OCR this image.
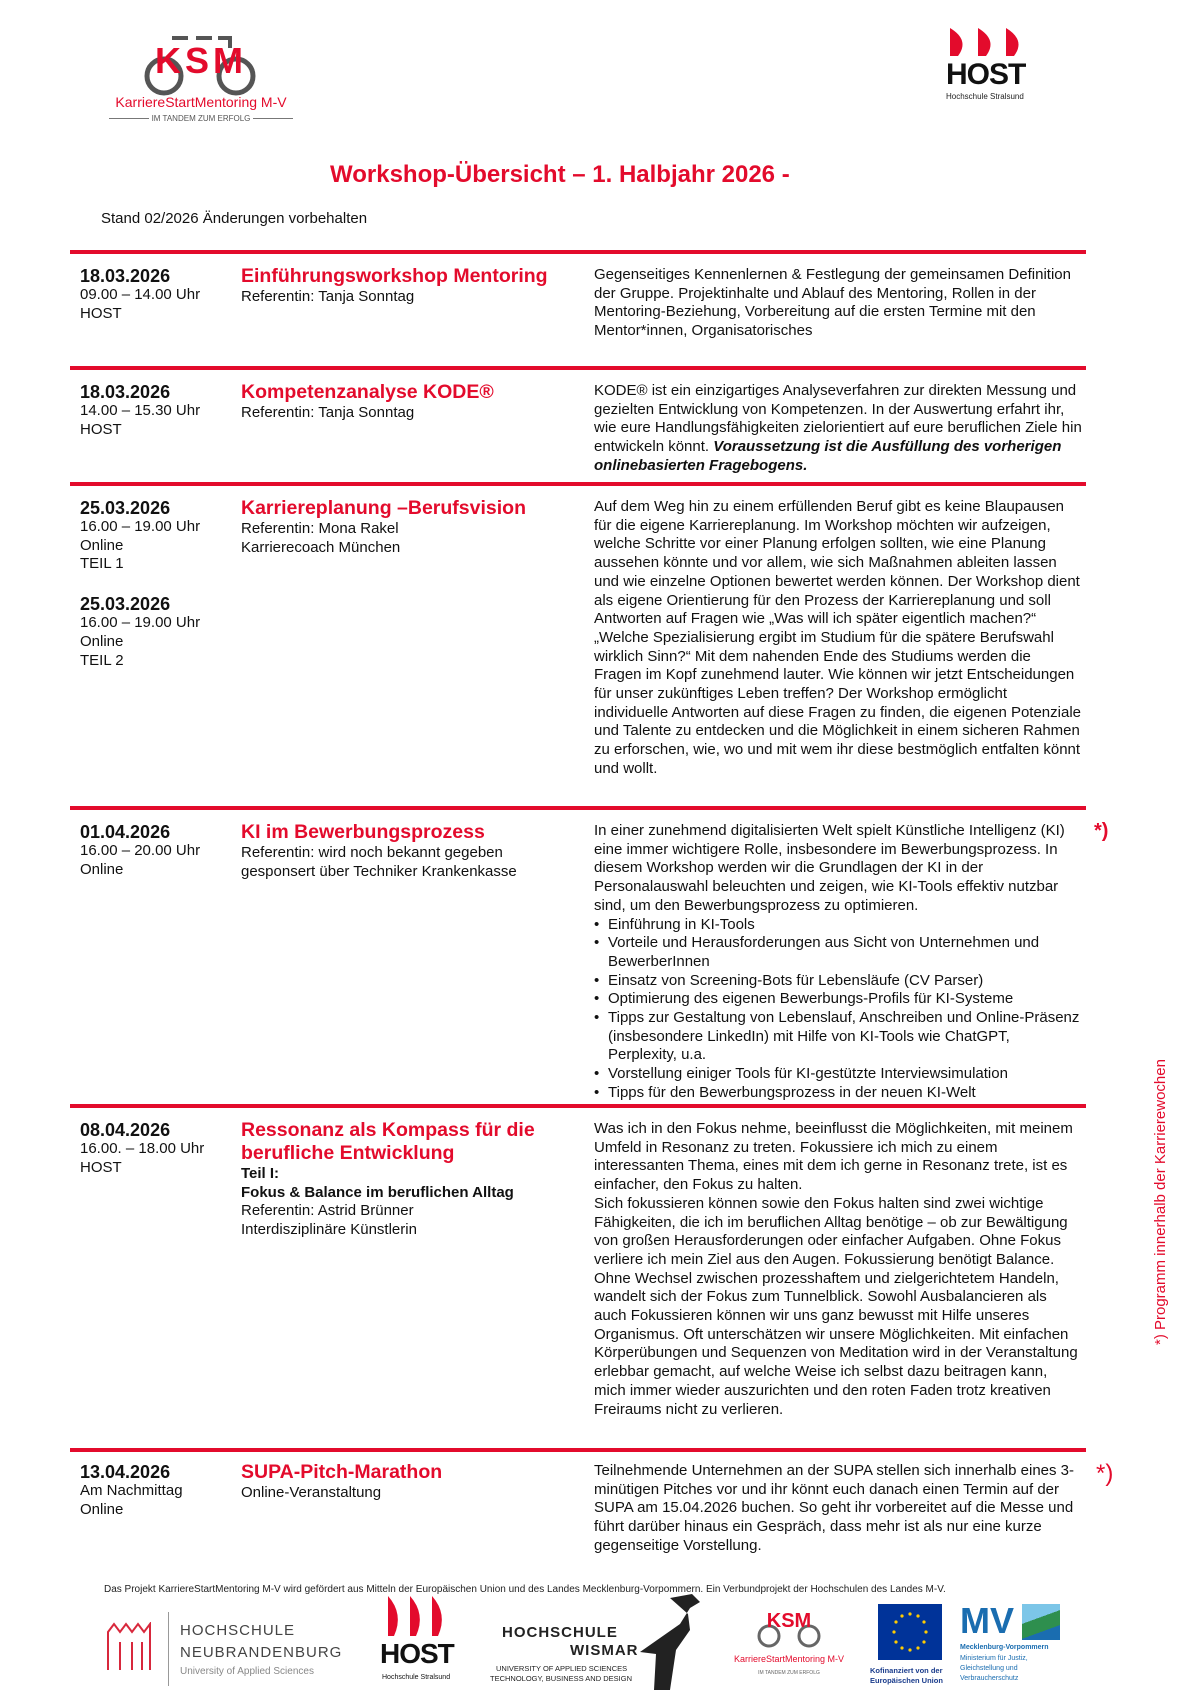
KSM
KarriereStartMentoring M-V
IM TANDEM ZUM ERFOLG
HOST
Hochschule Stralsund
Workshop-Übersicht – 1. Halbjahr 2026 -
Stand 02/2026 Änderungen vorbehalten
18.03.2026
09.00 – 14.00 Uhr
HOST
Einführungsworkshop Mentoring
Referentin: Tanja Sonntag

Gegenseitiges Kennenlernen & Festlegung der gemeinsamen Definition der Gruppe. Projektinhalte und Ablauf des Mentoring, Rollen in der Mentoring-Beziehung, Vorbereitung auf die ersten Termine mit den Mentor*innen, Organisatorisches

18.03.2026
14.00 – 15.30 Uhr
HOST
Kompetenzanalyse KODE®
Referentin: Tanja Sonntag

KODE® ist ein einzigartiges Analyseverfahren zur direkten Messung und gezielten Entwicklung von Kompetenzen. In der Auswertung erfahrt ihr, wie eure Handlungsfähigkeiten zielorientiert auf eure beruflichen Ziele hin entwickeln könnt. Voraussetzung ist die Ausfüllung des vorherigen onlinebasierten Fragebogens.

25.03.2026
16.00 – 19.00 Uhr
Online
TEIL 1
25.03.2026
16.00 – 19.00 Uhr
Online
TEIL 2
Karriereplanung –Berufsvision
Referentin: Mona Rakel
Karrierecoach München

Auf dem Weg hin zu einem erfüllenden Beruf gibt es keine Blaupausen für die eigene Karriereplanung. Im Workshop möchten wir aufzeigen, welche Schritte vor einer Planung erfolgen sollten, wie eine Planung aussehen könnte und vor allem, wie sich Maßnahmen ableiten lassen und wie einzelne Optionen bewertet werden können. Der Workshop dient als eigene Orientierung für den Prozess der Karriereplanung und soll Antworten auf Fragen wie „Was will ich später eigentlich machen?“ „Welche Spezialisierung ergibt im Studium für die spätere Berufswahl wirklich Sinn?“ Mit dem nahenden Ende des Studiums werden die Fragen im Kopf zunehmend lauter. Wie können wir jetzt Entscheidungen für unser zukünftiges Leben treffen? Der Workshop ermöglicht individuelle Antworten auf diese Fragen zu finden, die eigenen Potenziale und Talente zu entdecken und die Möglichkeit in einem sicheren Rahmen zu erforschen, wie, wo und mit wem ihr diese bestmöglich entfalten könnt und wollt.

01.04.2026
16.00 – 20.00 Uhr
Online
KI im Bewerbungsprozess
Referentin: wird noch bekannt gegeben
gesponsert über Techniker Krankenkasse

In einer zunehmend digitalisierten Welt spielt Künstliche Intelligenz (KI) eine immer wichtigere Rolle, insbesondere im Bewerbungsprozess. In diesem Workshop werden wir die Grundlagen der KI in der Personalauswahl beleuchten und zeigen, wie KI-Tools effektiv nutzbar sind, um den Bewerbungsprozess zu optimieren.

• Einführung in KI-Tools
• Vorteile und Herausforderungen aus Sicht von Unternehmen und BewerberInnen
• Einsatz von Screening-Bots für Lebensläufe (CV Parser)
• Optimierung des eigenen Bewerbungs-Profils für KI-Systeme
• Tipps zur Gestaltung von Lebenslauf, Anschreiben und Online-Präsenz (insbesondere LinkedIn) mit Hilfe von KI-Tools wie ChatGPT, Perplexity, u.a.
• Vorstellung einiger Tools für KI-gestützte Interviewsimulation
• Tipps für den Bewerbungsprozess in der neuen KI-Welt
*)
08.04.2026
16.00. – 18.00 Uhr
HOST
Ressonanz als Kompass für die berufliche Entwicklung
Teil I:
Fokus & Balance im beruflichen Alltag
Referentin: Astrid Brünner
Interdisziplinäre Künstlerin

Was ich in den Fokus nehme, beeinflusst die Möglichkeiten, mit meinem Umfeld in Resonanz zu treten. Fokussiere ich mich zu einem interessanten Thema, eines mit dem ich gerne in Resonanz trete, ist es einfacher, den Fokus zu halten.

Sich fokussieren können sowie den Fokus halten sind zwei wichtige Fähigkeiten, die ich im beruflichen Alltag benötige – ob zur Bewältigung von großen Herausforderungen oder einfacher Aufgaben. Ohne Fokus verliere ich mein Ziel aus den Augen. Fokussierung benötigt Balance. Ohne Wechsel zwischen prozesshaftem und zielgerichtetem Handeln, wandelt sich der Fokus zum Tunnelblick. Sowohl Ausbalancieren als auch Fokussieren können wir uns ganz bewusst mit Hilfe unseres Organismus. Oft unterschätzen wir unsere Möglichkeiten. Mit einfachen Körperübungen und Sequenzen von Meditation wird in der Veranstaltung erlebbar gemacht, auf welche Weise ich selbst dazu beitragen kann, mich immer wieder auszurichten und den roten Faden trotz kreativen Freiraums nicht zu verlieren.

13.04.2026
Am Nachmittag
Online
SUPA-Pitch-Marathon
Online-Veranstaltung

Teilnehmende Unternehmen an der SUPA stellen sich innerhalb eines 3-minütigen Pitches vor und ihr könnt euch danach einen Termin auf der SUPA am 15.04.2026 buchen. So geht ihr vorbereitet auf die Messe und führt darüber hinaus ein Gespräch, dass mehr ist als nur eine kurze gegenseitige Vorstellung.

*)
*) Programm innerhalb der Karrierewochen
Das Projekt KarriereStartMentoring M-V wird gefördert aus Mitteln der Europäischen Union und des Landes Mecklenburg-Vorpommern. Ein Verbundprojekt der Hochschulen des Landes M-V.
HOCHSCHULE
NEUBRANDENBURG
University of Applied Sciences
HOST
Hochschule Stralsund
HOCHSCHULE
WISMAR
UNIVERSITY OF APPLIED SCIENCES
TECHNOLOGY, BUSINESS AND DESIGN
KSM
KarriereStartMentoring M-V
IM TANDEM ZUM ERFOLG	Kofinanziert von der
Europäischen Union
MV
Mecklenburg-Vorpommern
Ministerium für Justiz,
Gleichstellung und
Verbraucherschutz
